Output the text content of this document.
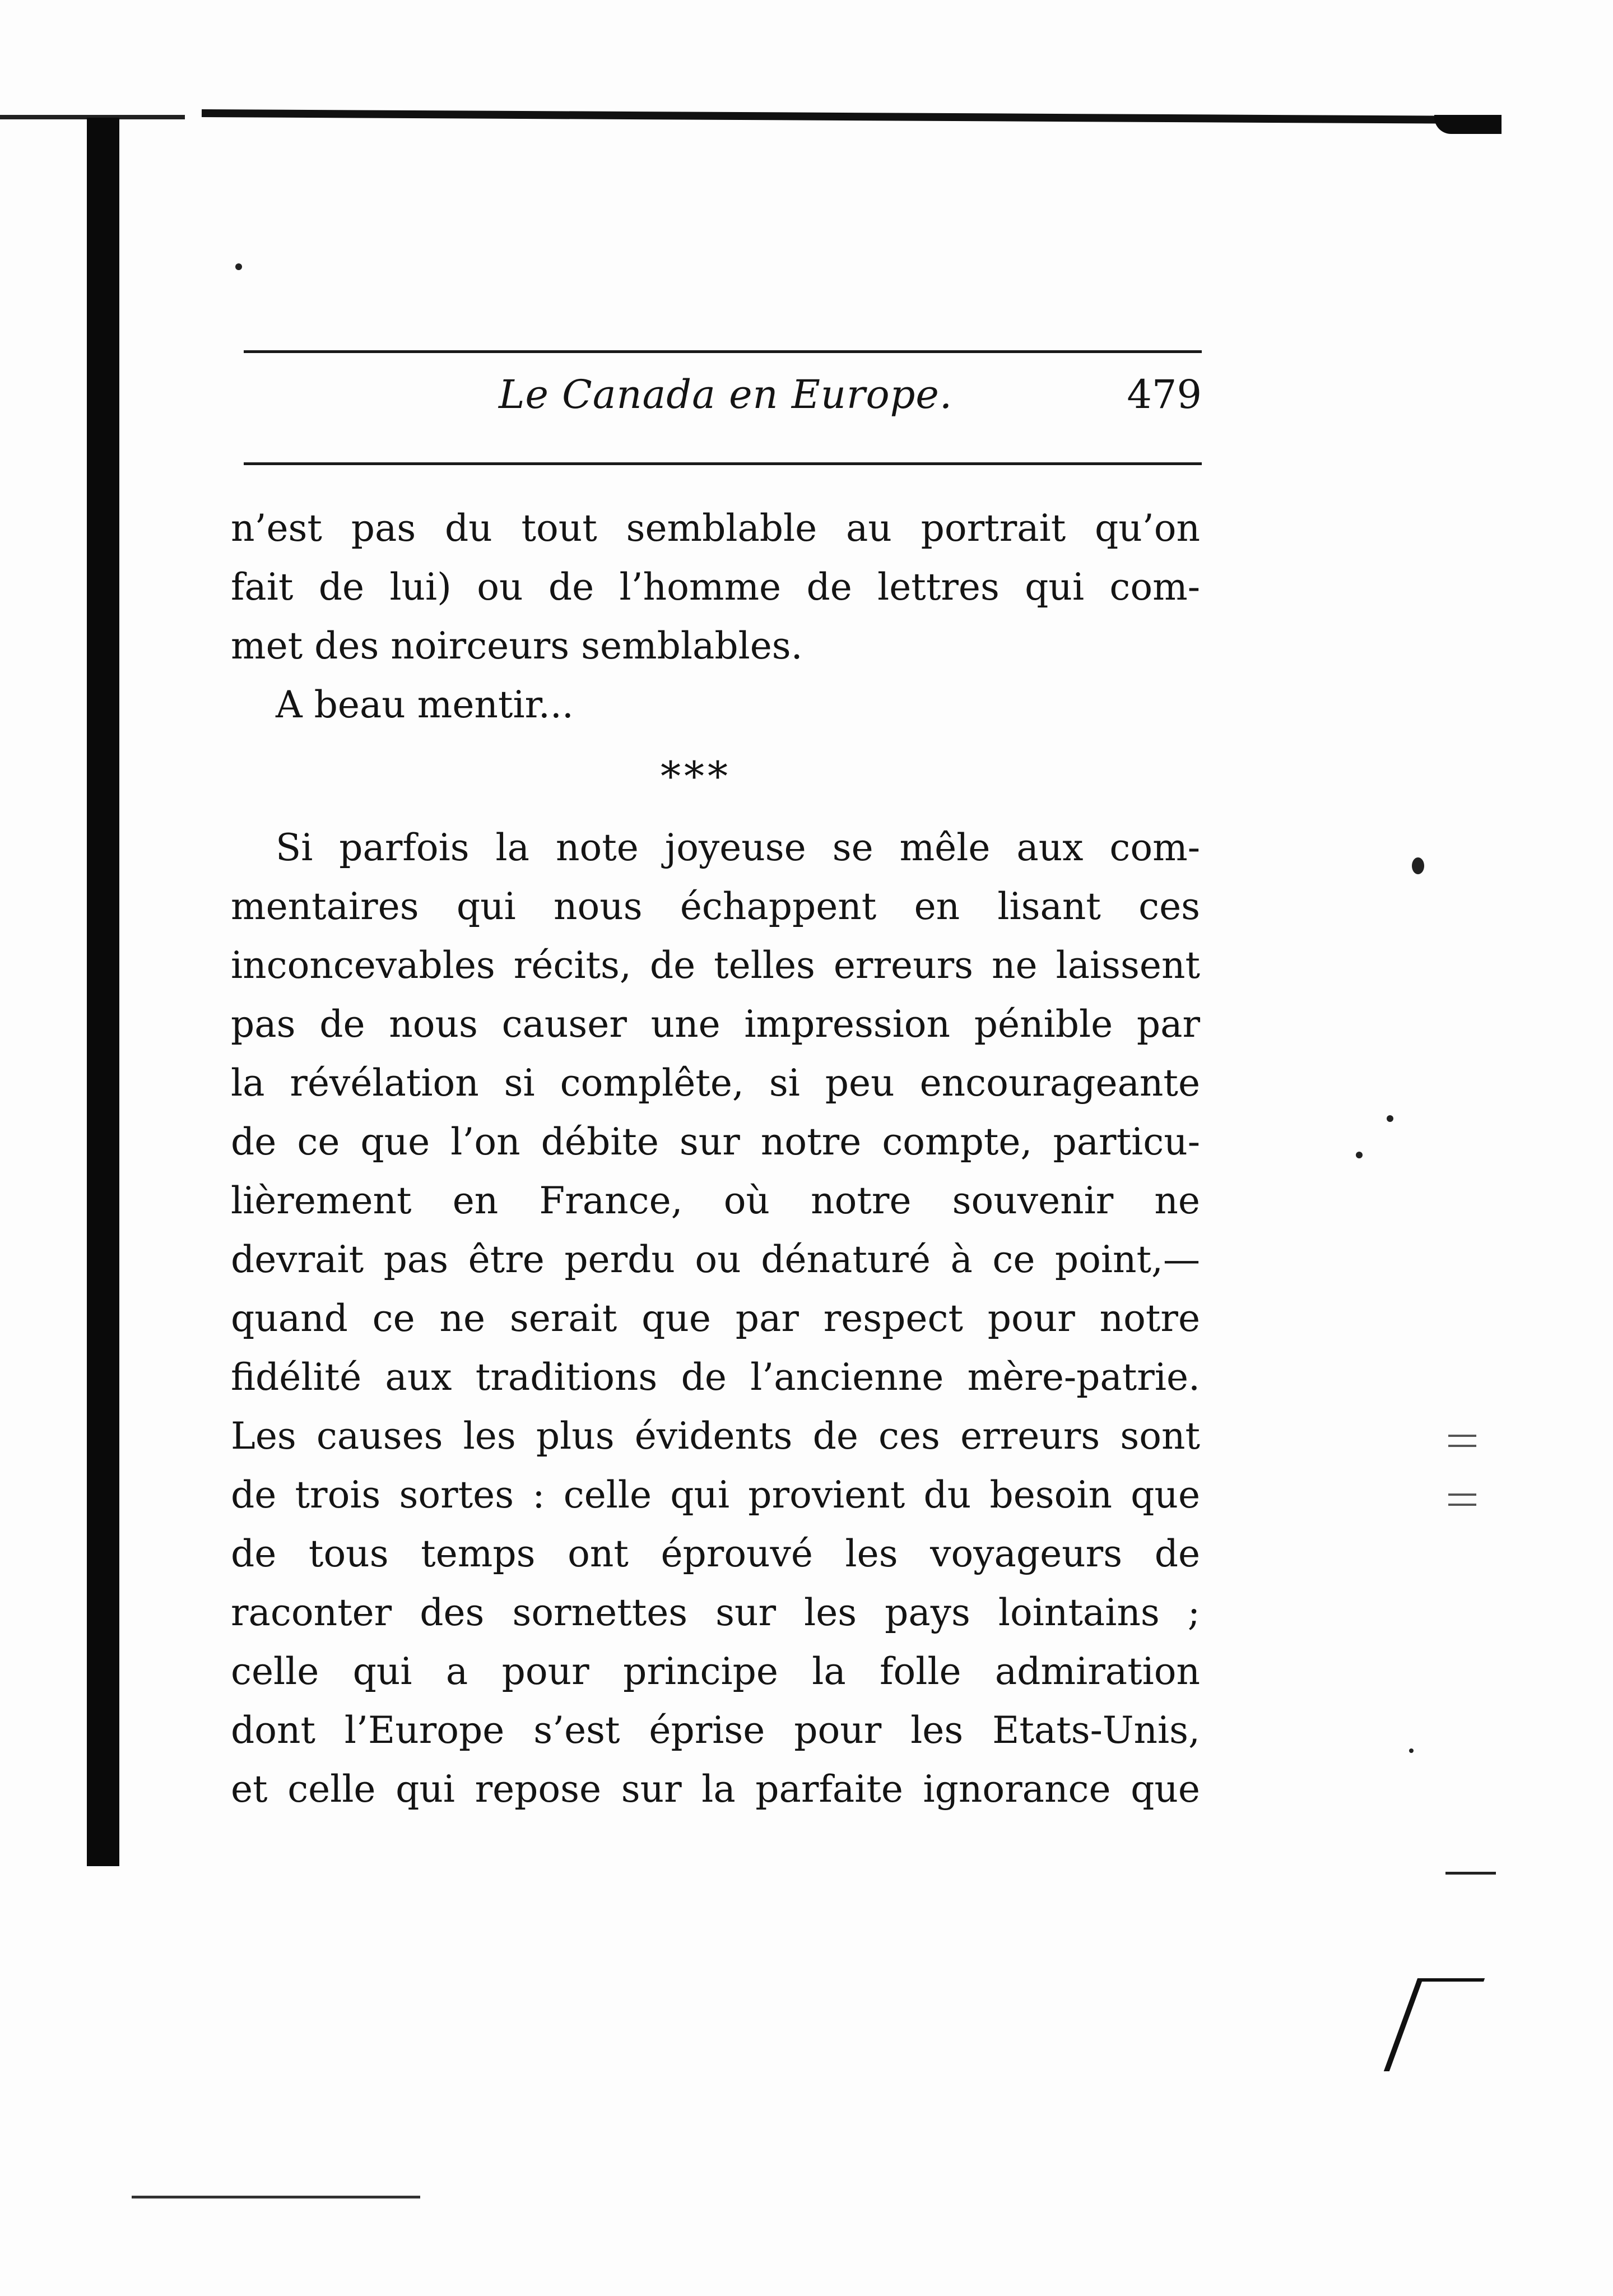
Le Canada en Europe.	479
n’est pas du tout semblable au portrait qu’on
fait de lui) ou de l’homme de lettres qui com-
met des noirceurs semblables.
A beau mentir...
***
Si parfois la note joyeuse se mêle aux com-
mentaires qui nous échappent en lisant ces
inconcevables récits, de telles erreurs ne laissent
pas de nous causer une impression pénible par
la révélation si complête, si peu encourageante
de ce que l’on débite sur notre compte, particu-
lièrement en France, où notre souvenir ne
devrait pas être perdu ou dénaturé à ce point,—
quand ce ne serait que par respect pour notre
fidélité aux traditions de l’ancienne mère-patrie.
Les causes les plus évidents de ces erreurs sont
de trois sortes : celle qui provient du besoin que
de tous temps ont éprouvé les voyageurs de
raconter des sornettes sur les pays lointains ;
celle qui a pour principe la folle admiration
dont l’Europe s’est éprise pour les Etats-Unis,
et celle qui repose sur la parfaite ignorance que
